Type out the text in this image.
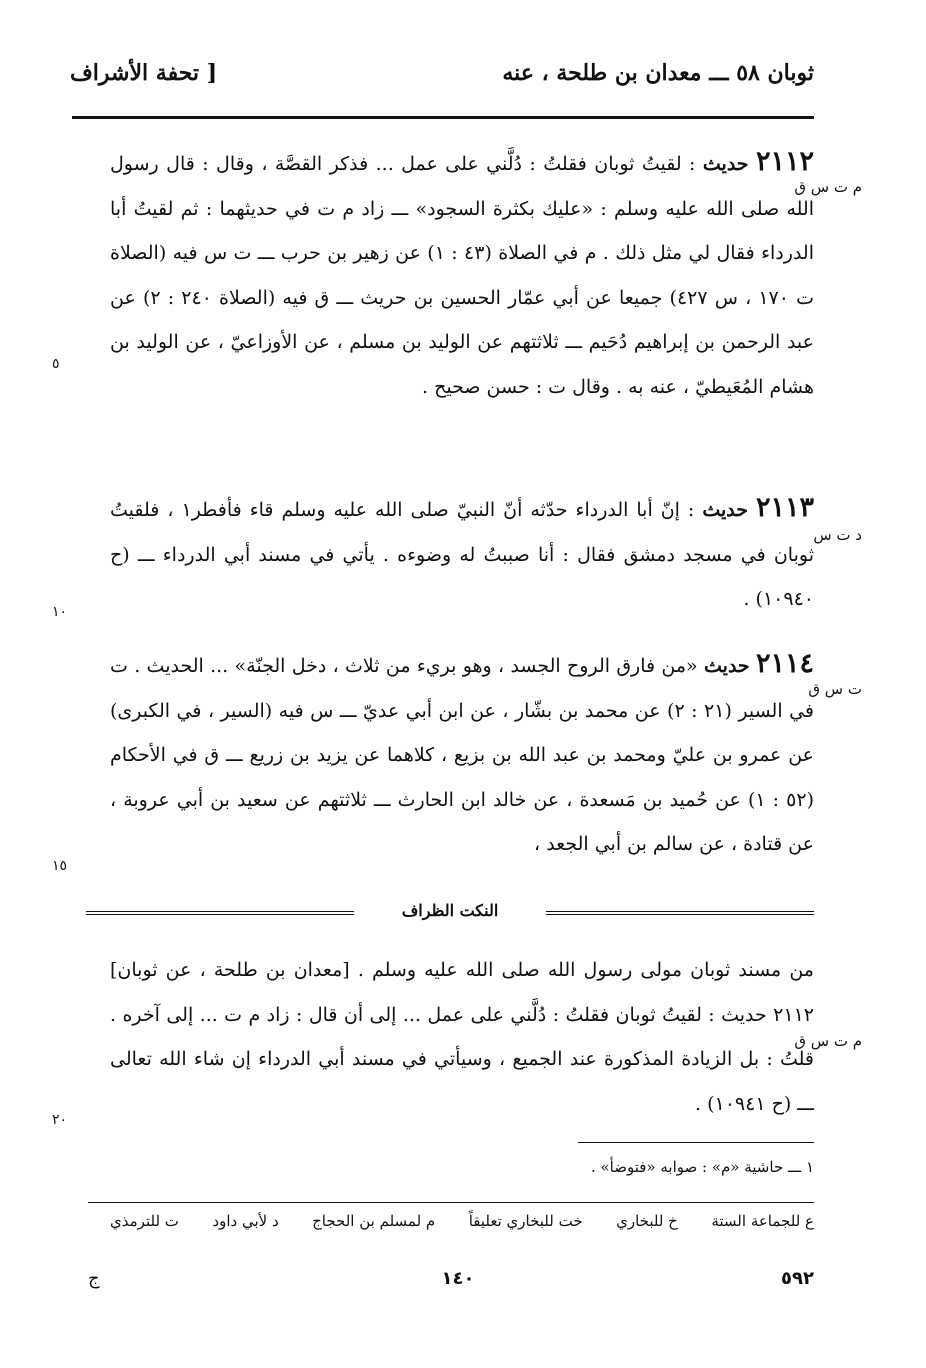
ثوبان ٥٨ ـــ معدان بن طلحة ، عنه
[ تحفة الأشراف
٢١١٢ حديث : لقيتُ ثوبان فقلتُ : دُلَّني على عمل ... فذكر القصَّة ، وقال : قال رسول الله صلى الله عليه وسلم : «عليك بكثرة السجود» ـــ زاد م ت في حديثهما : ثم لقيتُ أبا الدرداء فقال لي مثل ذلك . م في الصلاة (٤٣ : ١) عن زهير بن حرب ـــ ت س فيه (الصلاة ت ١٧٠ ، س ٤٢٧) جميعا عن أبي عمّار الحسين بن حريث ـــ ق فيه (الصلاة ٢٤٠ : ٢) عن عبد الرحمن بن إبراهيم دُحَيم ـــ ثلاثتهم عن الوليد بن مسلم ، عن الأوزاعيّ ، عن الوليد بن هشام المُعَيطيّ ، عنه به . وقال ت : حسن صحيح .
م ت س ق
٢١١٣ حديث : إنّ أبا الدرداء حدّثه أنّ النبيّ صلى الله عليه وسلم قاء فأفطر١ ، فلقيتُ ثوبان في مسجد دمشق فقال : أنا صببتُ له وضوءه . يأتي في مسند أبي الدرداء ـــ (ح ١٠٩٤٠) .
د ت س
٢١١٤ حديث «من فارق الروح الجسد ، وهو بريء من ثلاث ، دخل الجنّة» ... الحديث . ت في السير (٢١ : ٢) عن محمد بن بشّار ، عن ابن أبي عديّ ـــ س فيه (السير ، في الكبرى) عن عمرو بن عليّ ومحمد بن عبد الله بن بزيع ، كلاهما عن يزيد بن زريع ـــ ق في الأحكام (٥٢ : ١) عن حُميد بن مَسعدة ، عن خالد ابن الحارث ـــ ثلاثتهم عن سعيد بن أبي عروبة ، عن قتادة ، عن سالم بن أبي الجعد ،
ت س ق
٥
١٠
١٥
٢٠
النكت الظراف
من مسند ثوبان مولى رسول الله صلى الله عليه وسلم . [معدان بن طلحة ، عن ثوبان] ٢١١٢ حديث : لقيتُ ثوبان فقلتُ : دُلَّني على عمل ... إلى أن قال : زاد م ت ... إلى آخره . قلتُ : بل الزيادة المذكورة عند الجميع ، وسيأتي في مسند أبي الدرداء إن شاء الله تعالى ـــ (ح ١٠٩٤١) .
م ت س ق
١ ـــ حاشية «م» : صوابه «فتوضأ» .
ع للجماعة الستة
خ للبخاري
خت للبخاري تعليقاً
م لمسلم بن الحجاج
د لأبي داود
ت للترمذي
٥٩٢
١٤٠
ج
